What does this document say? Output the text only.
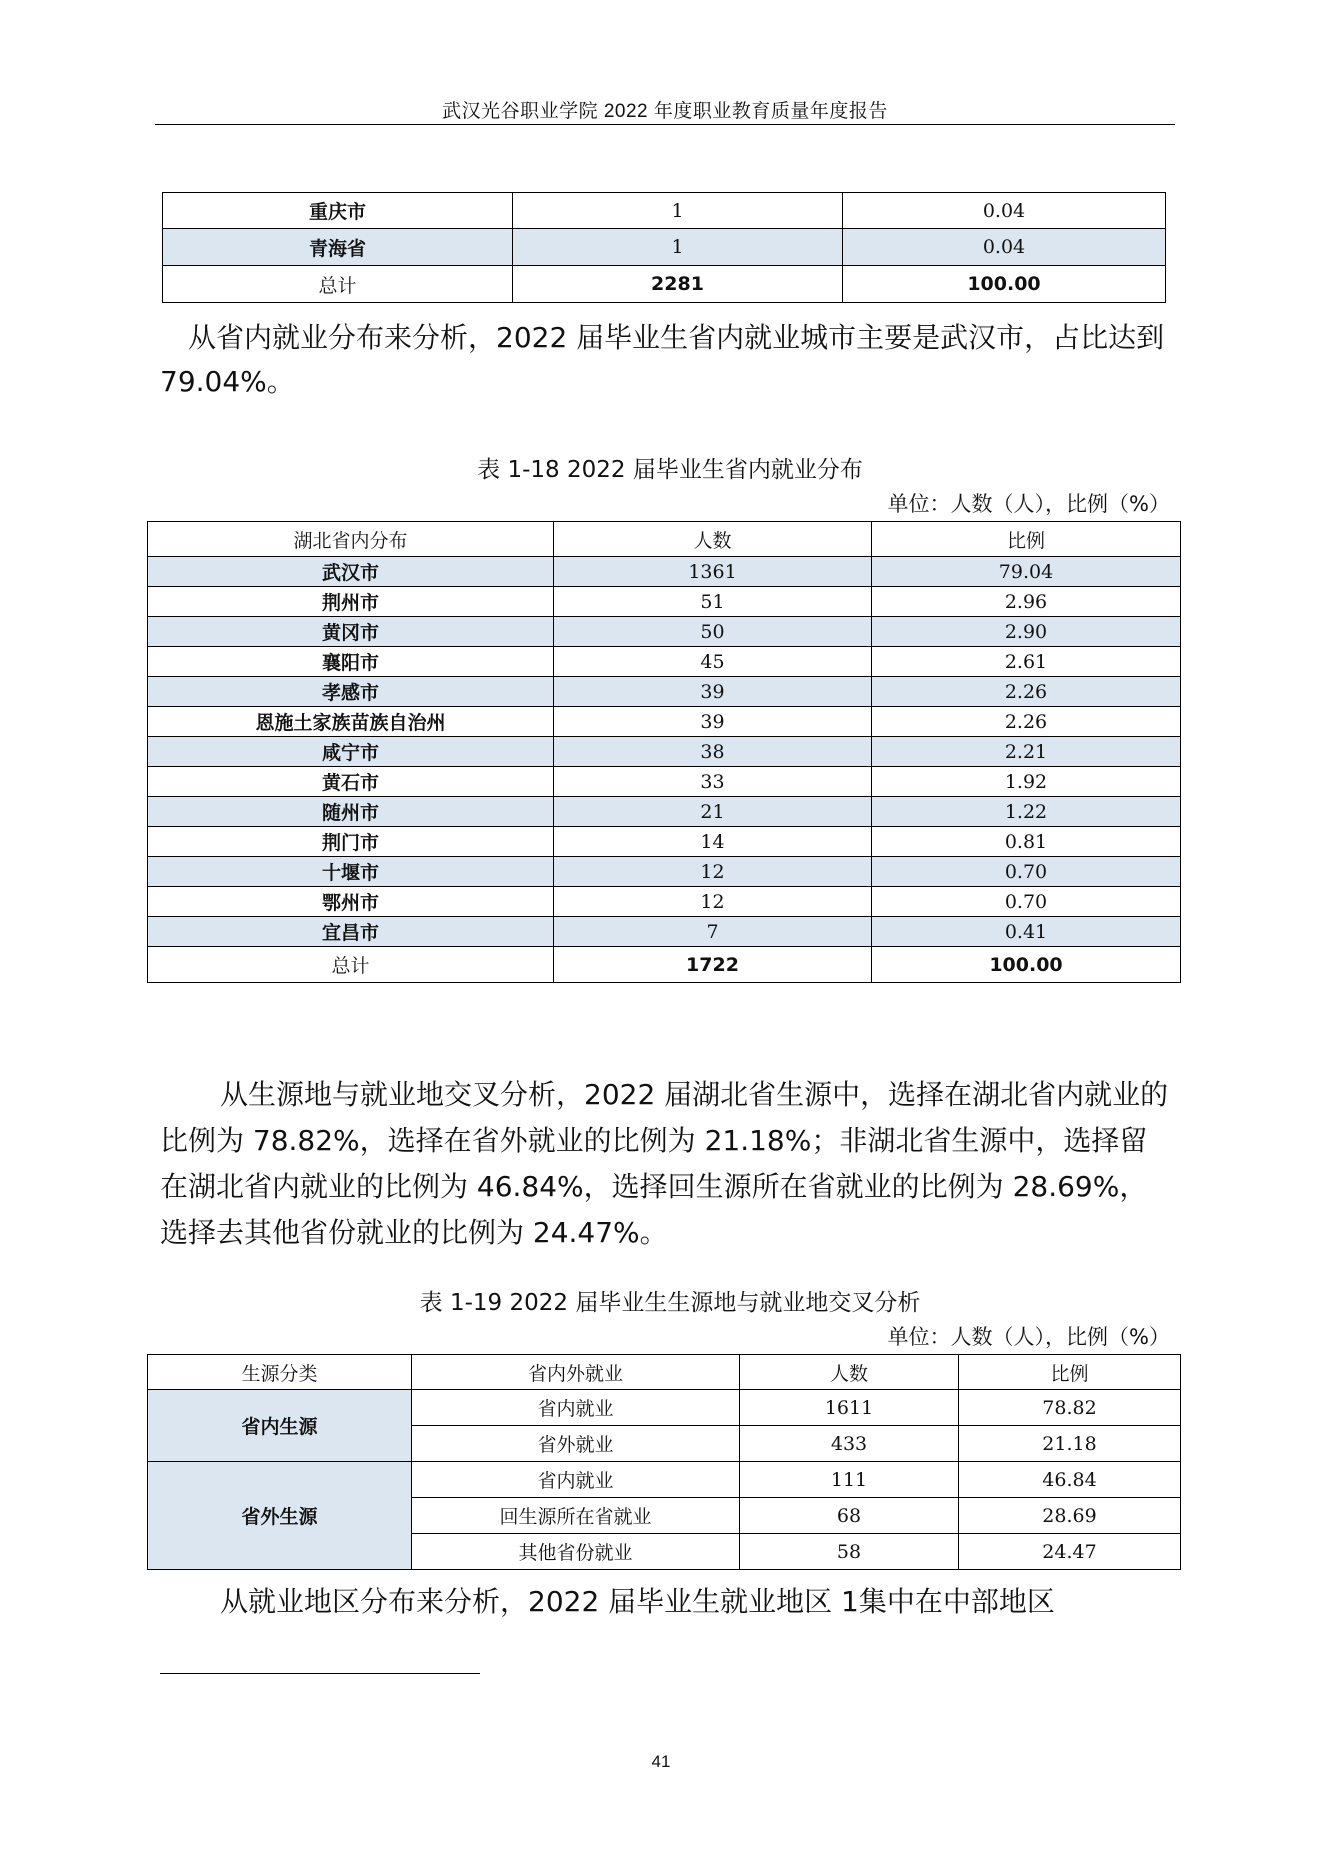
武汉光谷职业学院 2022 年度职业教育质量年度报告
重庆市	1	0.04
青海省	1	0.04
总计	2281	100.00

从省内就业分布来分析，2022 届毕业生省内就业城市主要是武汉市，占比达到 79.04%。

表 1-18 2022 届毕业生省内就业分布
单位：人数（人），比例（%）
湖北省内分布	人数	比例
武汉市	1361	79.04
荆州市	51	2.96
黄冈市	50	2.90
襄阳市	45	2.61
孝感市	39	2.26
恩施土家族苗族自治州	39	2.26
咸宁市	38	2.21
黄石市	33	1.92
随州市	21	1.22
荆门市	14	0.81
十堰市	12	0.70
鄂州市	12	0.70
宜昌市	7	0.41
总计	1722	100.00

从生源地与就业地交叉分析，2022 届湖北省生源中，选择在湖北省内就业的比例为 78.82%，选择在省外就业的比例为 21.18%；非湖北省生源中，选择留在湖北省内就业的比例为 46.84%，选择回生源所在省就业的比例为 28.69%，选择去其他省份就业的比例为 24.47%。

表 1-19 2022 届毕业生生源地与就业地交叉分析
单位：人数（人），比例（%）
生源分类	省内外就业	人数	比例
省内生源	省内就业	1611	78.82
	省外就业	433	21.18
省外生源	省内就业	111	46.84
	回生源所在省就业	68	28.69
	其他省份就业	58	24.47

从就业地区分布来分析，2022 届毕业生就业地区 1集中在中部地区

41
